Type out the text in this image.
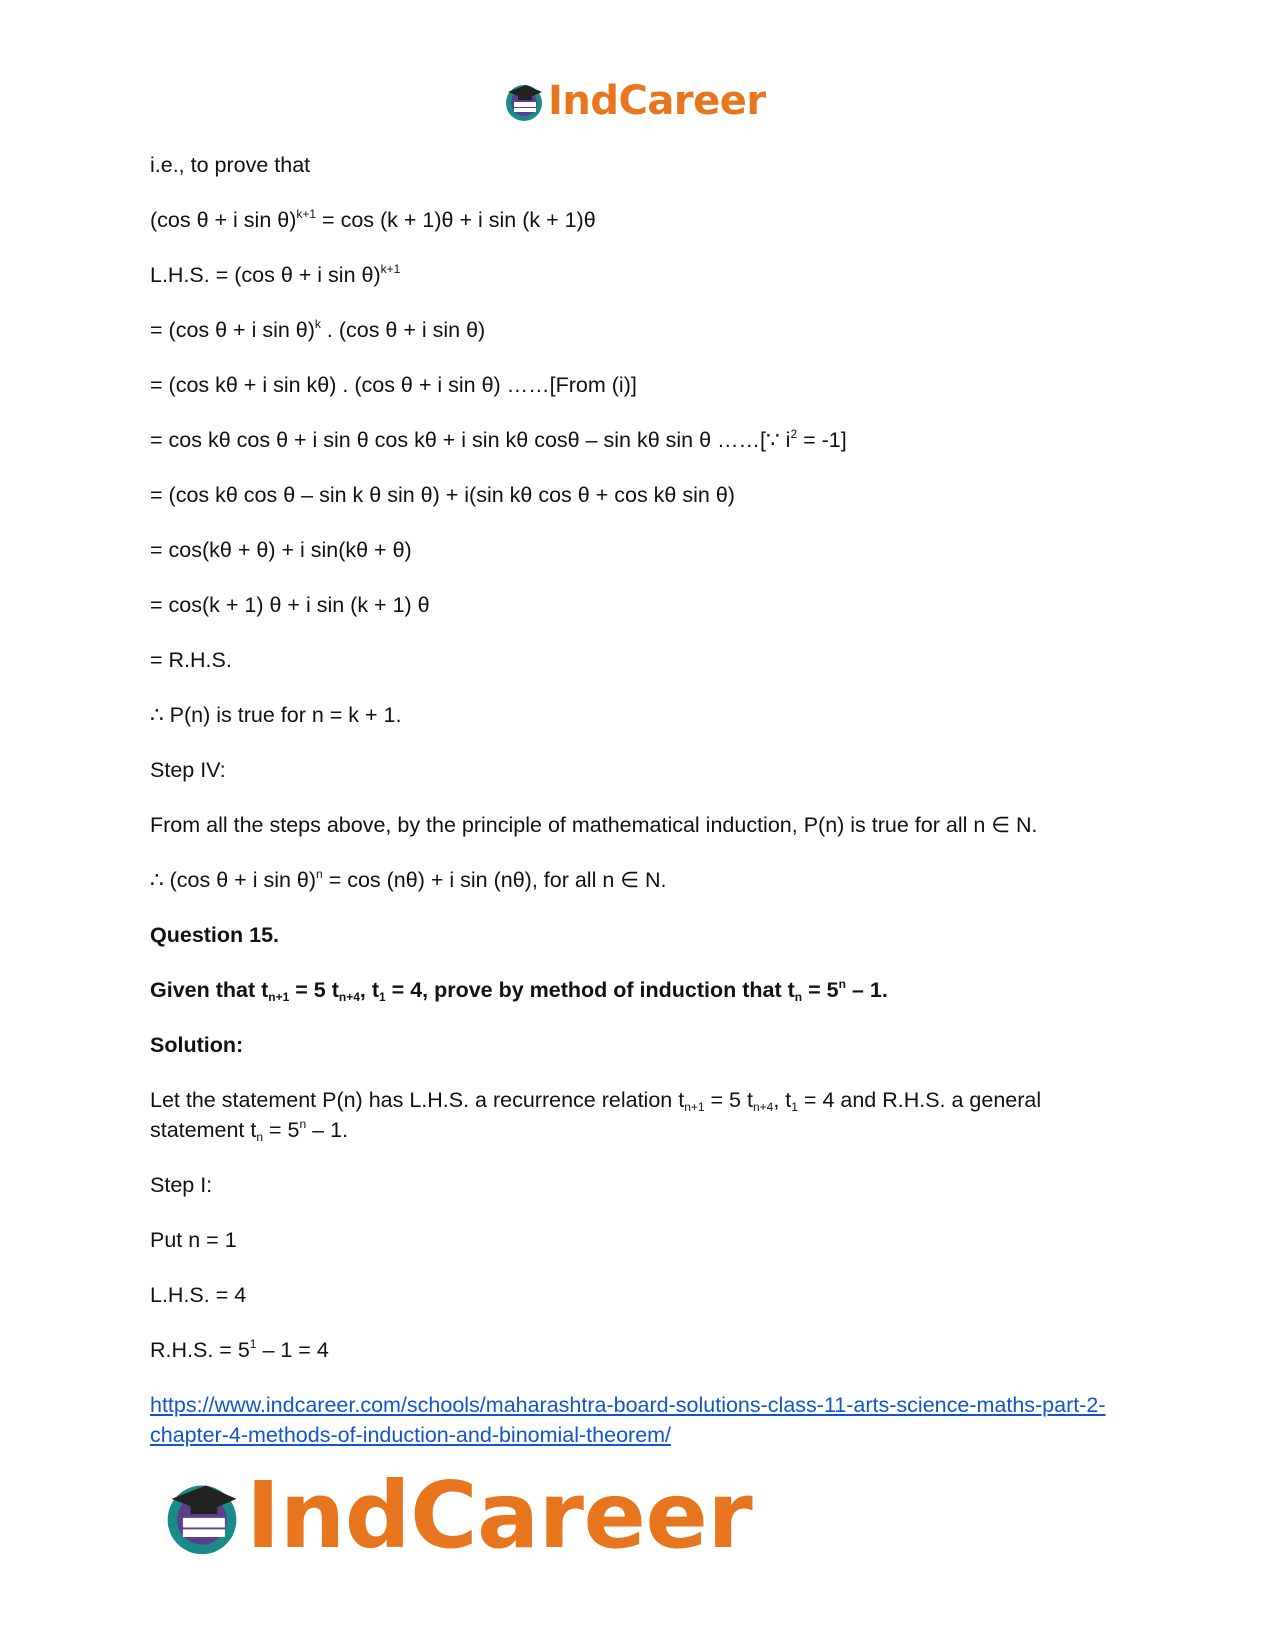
IndCareer

i.e., to prove that

(cos θ + i sin θ)$^{k+1}$ = cos (k + 1)θ + i sin (k + 1)θ

L.H.S. = (cos θ + i sin θ)$^{k+1}$

= (cos θ + i sin θ)$^k$ . (cos θ + i sin θ)

= (cos kθ + i sin kθ) . (cos θ + i sin θ) ……[From (i)]

= cos kθ cos θ + i sin θ cos kθ + i sin kθ cosθ – sin kθ sin θ ……[∵ $i^2 = -1$]

= (cos kθ cos θ – sin k θ sin θ) + i(sin kθ cos θ + cos kθ sin θ)

= cos(kθ + θ) + i sin(kθ + θ)

= cos(k + 1) θ + i sin (k + 1) θ

= R.H.S.

∴ P(n) is true for n = k + 1.

Step IV:

From all the steps above, by the principle of mathematical induction, P(n) is true for all n ∈ N.

∴ (cos θ + i sin θ)$^n$ = cos (nθ) + i sin (nθ), for all n ∈ N.

Question 15.

Given that $t_{n+1} = 5$ $t_{n+4}$, $t_1 = 4$, prove by method of induction that $t_n = 5^n - 1$.

Solution:

Let the statement P(n) has L.H.S. a recurrence relation $t_{n+1} = 5$ $t_{n+4}$, $t_1 = 4$ and R.H.S. a general statement $t_n = 5^n - 1$.

Step I:

Put n = 1

L.H.S. = 4

R.H.S. = $5^1 - 1 = 4$

https://www.indcareer.com/schools/maharashtra-board-solutions-class-11-arts-science-maths-part-2-chapter-4-methods-of-induction-and-binomial-theorem/

IndCareer
